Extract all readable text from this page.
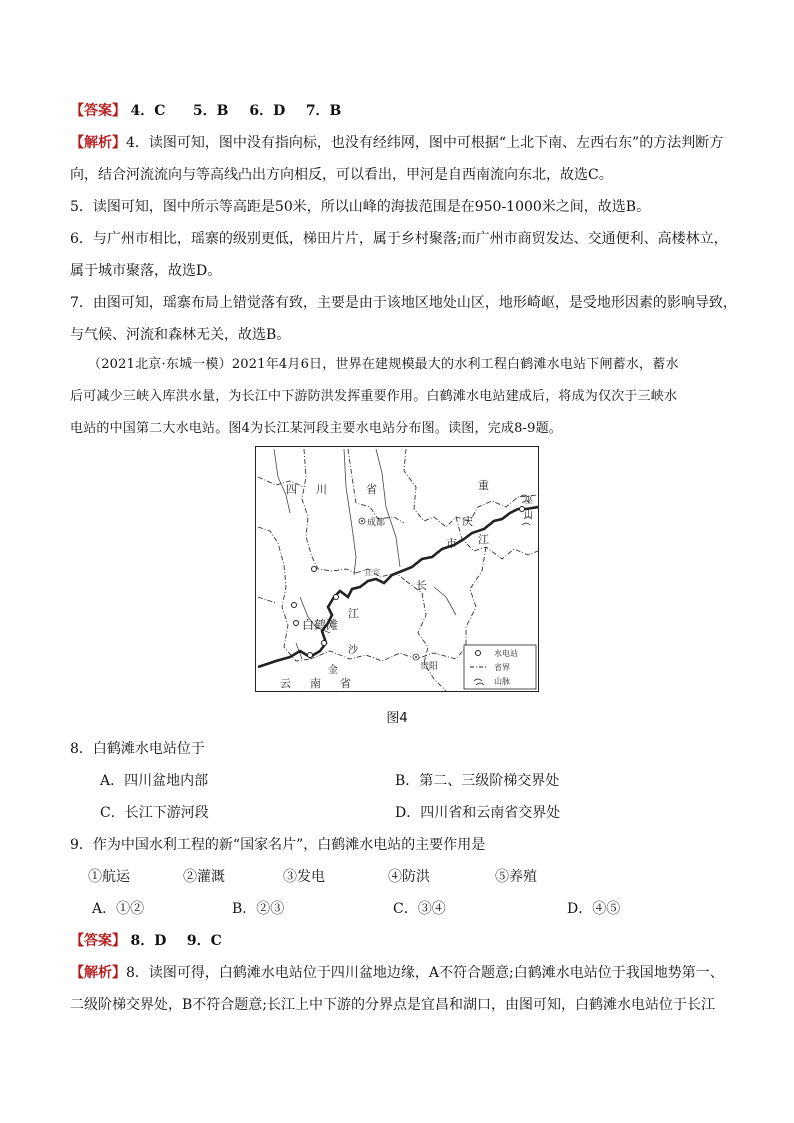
【答案】 4．C 5．B 6．D 7．B
【解析】4．读图可知，图中没有指向标，也没有经纬网，图中可根据“上北下南、左西右东”的方法判断方
向，结合河流流向与等高线凸出方向相反，可以看出，甲河是自西南流向东北，故选C。
5．读图可知，图中所示等高距是50米，所以山峰的海拔范围是在950-1000米之间，故选B。
6．与广州市相比，瑶寨的级别更低，梯田片片，属于乡村聚落;而广州市商贸发达、交通便利、高楼林立，
属于城市聚落，故选D。
7．由图可知，瑶寨布局上错觉落有致，主要是由于该地区地处山区，地形崎岖，是受地形因素的影响导致，
与气候、河流和森林无关，故选B。
（2021北京·东城一模）2021年4月6日，世界在建规模最大的水利工程白鹤滩水电站下闸蓄水，蓄水
后可减少三峡入库洪水量，为长江中下游防洪发挥重要作用。白鹤滩水电站建成后，将成为仅次于三峡水
电站的中国第二大水电站。图4为长江某河段主要水电站分布图。读图，完成8-9题。
四 川	省
成都
重
庆
市 江
长
江
宜宾
白鹤滩
金
沙
贵阳
巫
山
云 南 省
水电站
省界
山脉
图4
8．白鹤滩水电站位于
A．四川盆地内部	B．第二、三级阶梯交界处
C．长江下游河段	D．四川省和云南省交界处
9．作为中国水利工程的新“国家名片”，白鹤滩水电站的主要作用是
①航运	②灌溉	③发电	④防洪	⑤养殖
A．①②	B．②③	C．③④	D．④⑤
【答案】 8．D 9．C
【解析】8．读图可得，白鹤滩水电站位于四川盆地边缘，A不符合题意;白鹤滩水电站位于我国地势第一、
二级阶梯交界处，B不符合题意;长江上中下游的分界点是宜昌和湖口，由图可知，白鹤滩水电站位于长江
